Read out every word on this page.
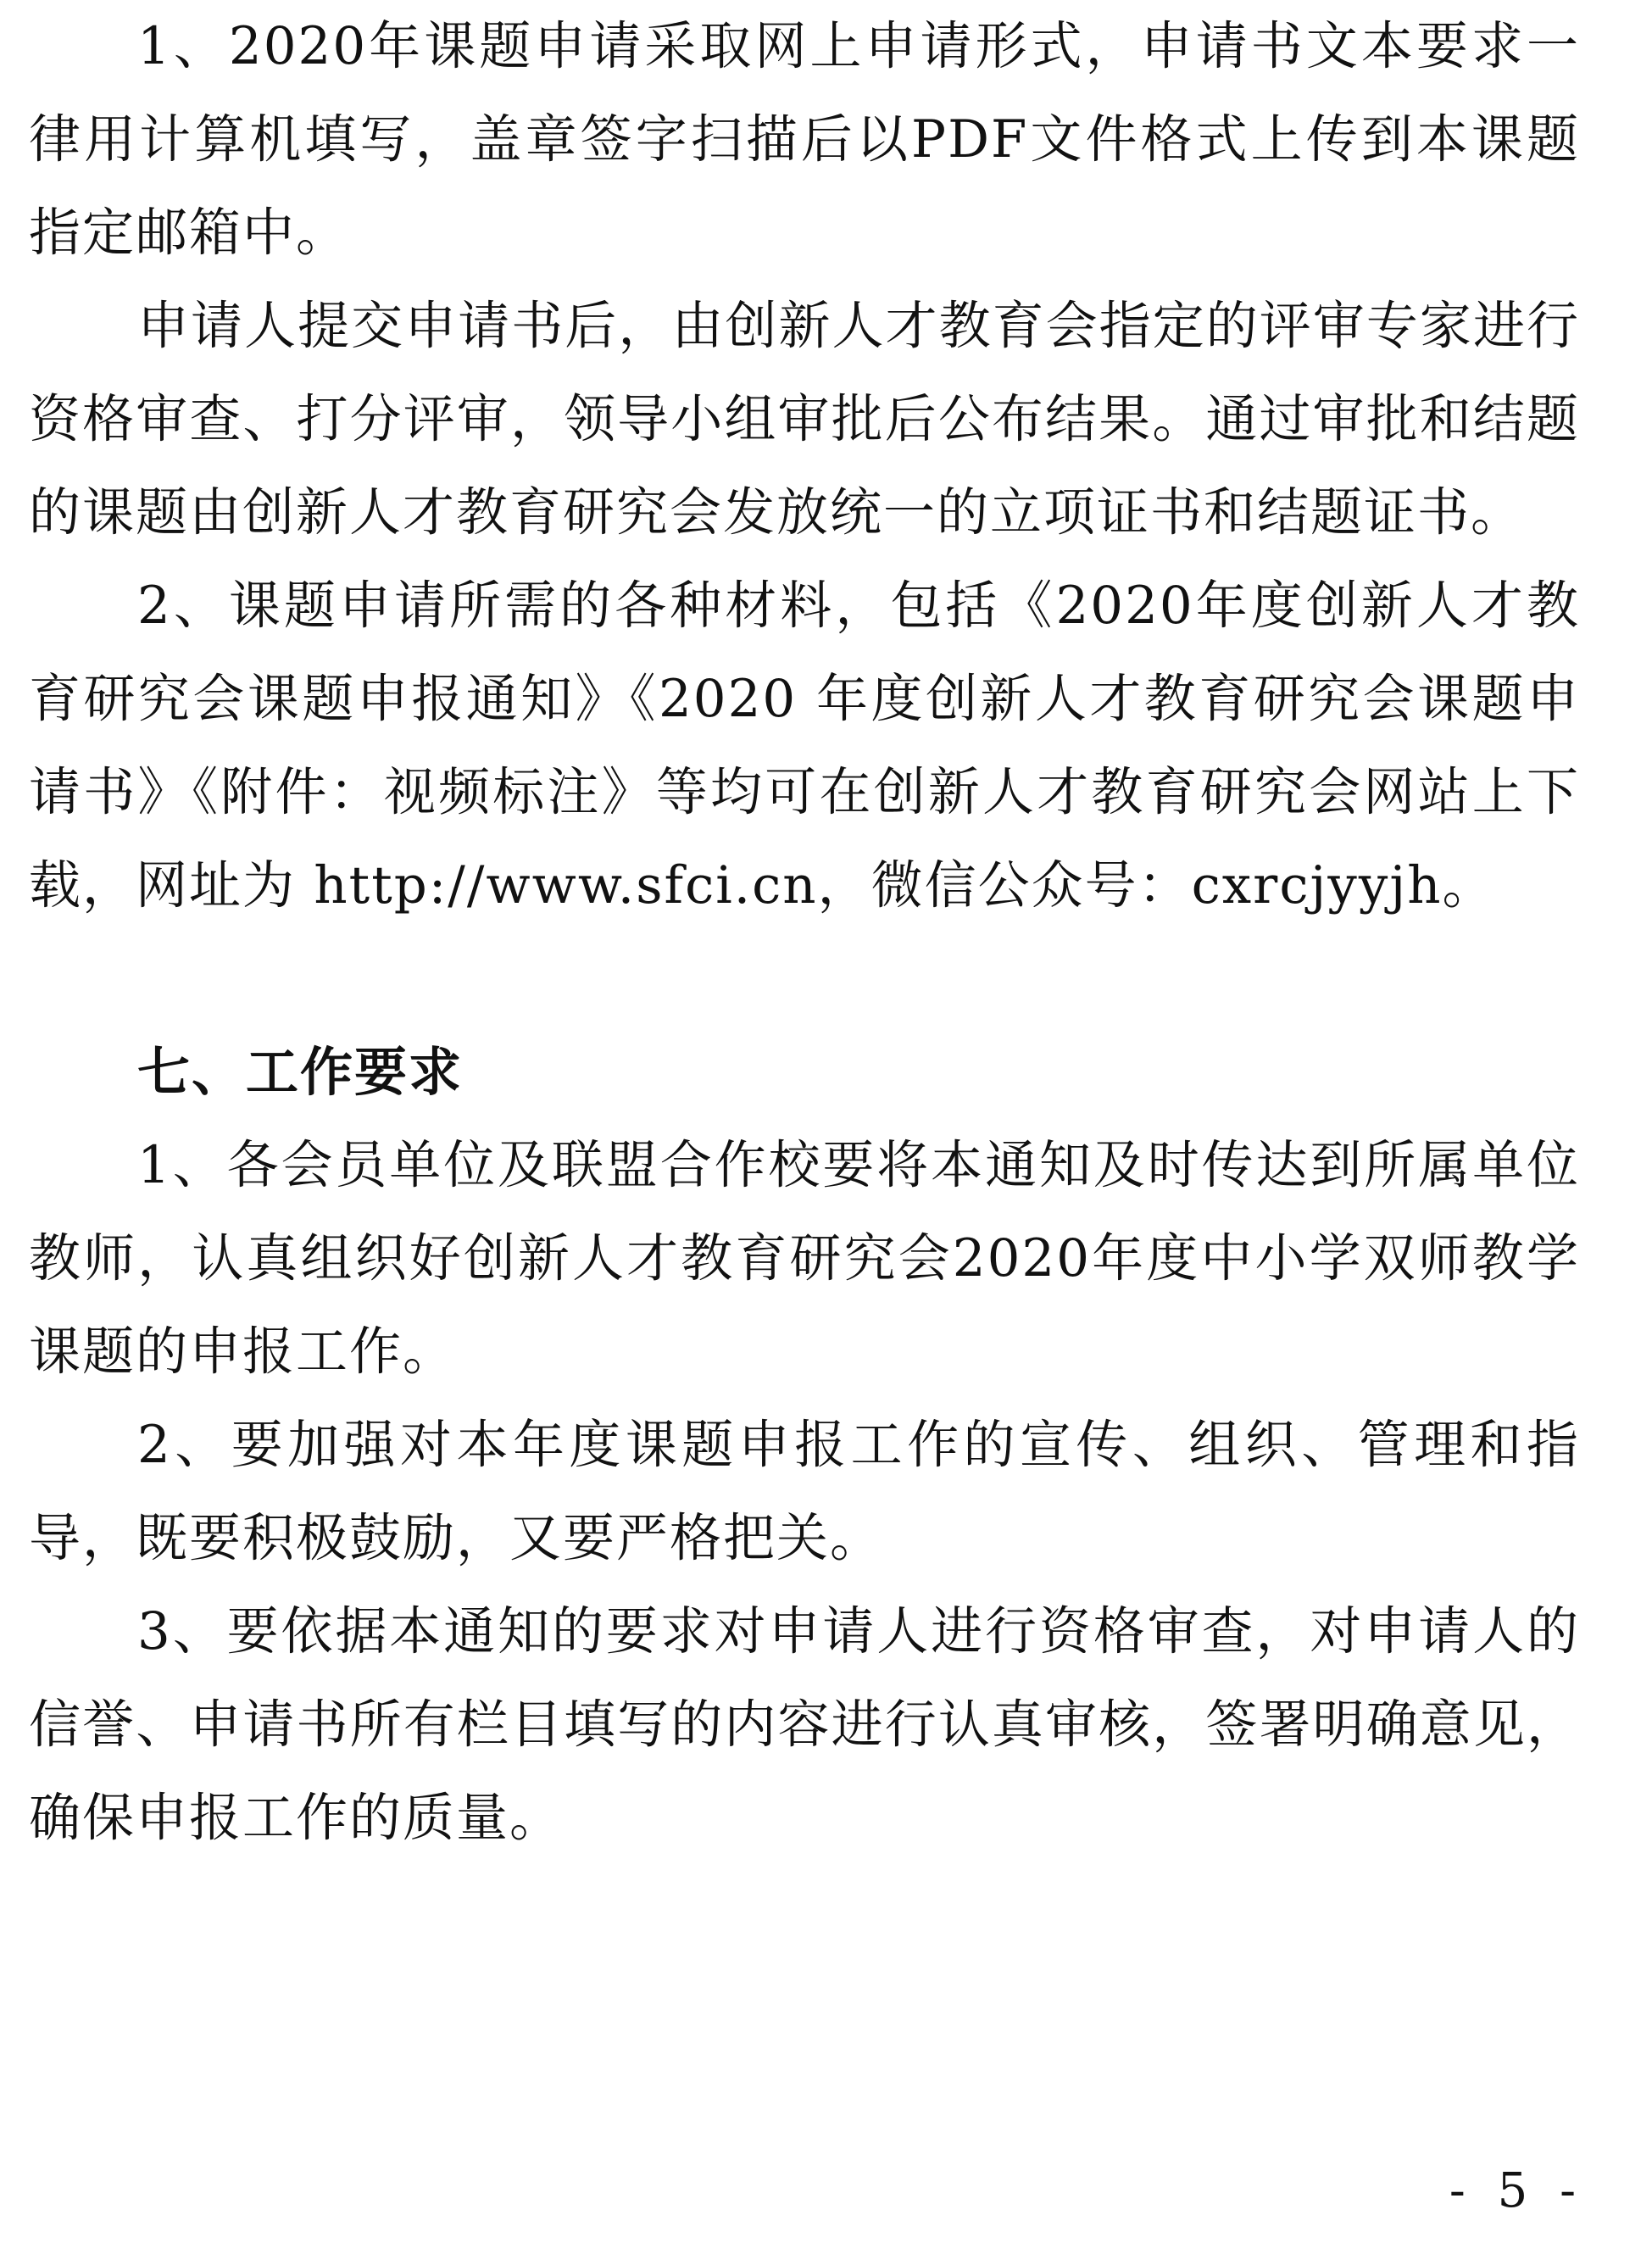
1、2020年课题申请采取网上申请形式，申请书文本要求一律用计算机填写，盖章签字扫描后以PDF文件格式上传到本课题指定邮箱中。

申请人提交申请书后，由创新人才教育会指定的评审专家进行资格审查、打分评审，领导小组审批后公布结果。通过审批和结题的课题由创新人才教育研究会发放统一的立项证书和结题证书。

2、课题申请所需的各种材料，包括《2020年度创新人才教育研究会课题申报通知》《2020 年度创新人才教育研究会课题申请书》《附件：视频标注》等均可在创新人才教育研究会网站上下载，网址为 http://www.sfci.cn，微信公众号：cxrcjyyjh。

七、工作要求

1、各会员单位及联盟合作校要将本通知及时传达到所属单位教师，认真组织好创新人才教育研究会2020年度中小学双师教学课题的申报工作。

2、要加强对本年度课题申报工作的宣传、组织、管理和指导，既要积极鼓励，又要严格把关。

3、要依据本通知的要求对申请人进行资格审查，对申请人的信誉、申请书所有栏目填写的内容进行认真审核，签署明确意见，确保申报工作的质量。

- 5 -
